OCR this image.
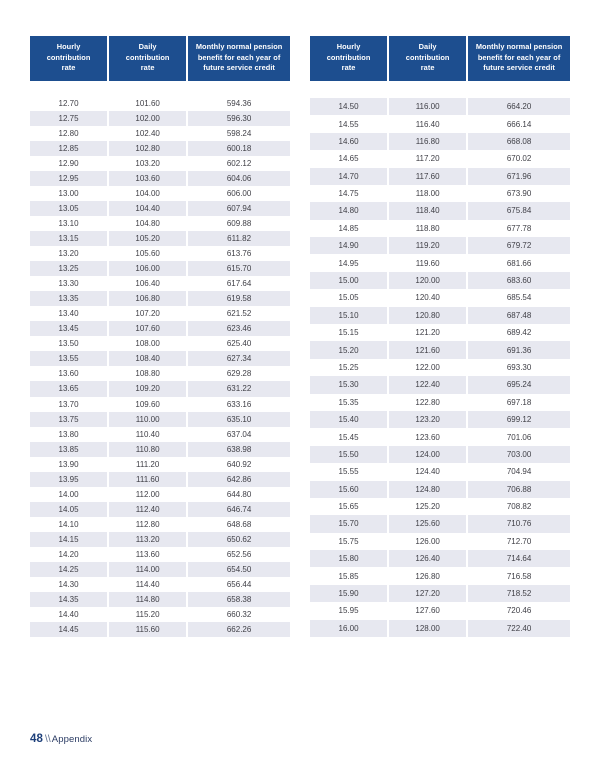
Hourly
contribution
rate	Daily
contribution
rate	Monthly normal pension
benefit for each year of
future service credit

12.70	101.60	594.36
12.75	102.00	596.30
12.80	102.40	598.24
12.85	102.80	600.18
12.90	103.20	602.12
12.95	103.60	604.06
13.00	104.00	606.00
13.05	104.40	607.94
13.10	104.80	609.88
13.15	105.20	611.82
13.20	105.60	613.76
13.25	106.00	615.70
13.30	106.40	617.64
13.35	106.80	619.58
13.40	107.20	621.52
13.45	107.60	623.46
13.50	108.00	625.40
13.55	108.40	627.34
13.60	108.80	629.28
13.65	109.20	631.22
13.70	109.60	633.16
13.75	110.00	635.10
13.80	110.40	637.04
13.85	110.80	638.98
13.90	111.20	640.92
13.95	111.60	642.86
14.00	112.00	644.80
14.05	112.40	646.74
14.10	112.80	648.68
14.15	113.20	650.62
14.20	113.60	652.56
14.25	114.00	654.50
14.30	114.40	656.44
14.35	114.80	658.38
14.40	115.20	660.32
14.45	115.60	662.26
Hourly
contribution
rate	Daily
contribution
rate	Monthly normal pension
benefit for each year of
future service credit

14.50	116.00	664.20
14.55	116.40	666.14
14.60	116.80	668.08
14.65	117.20	670.02
14.70	117.60	671.96
14.75	118.00	673.90
14.80	118.40	675.84
14.85	118.80	677.78
14.90	119.20	679.72
14.95	119.60	681.66
15.00	120.00	683.60
15.05	120.40	685.54
15.10	120.80	687.48
15.15	121.20	689.42
15.20	121.60	691.36
15.25	122.00	693.30
15.30	122.40	695.24
15.35	122.80	697.18
15.40	123.20	699.12
15.45	123.60	701.06
15.50	124.00	703.00
15.55	124.40	704.94
15.60	124.80	706.88
15.65	125.20	708.82
15.70	125.60	710.76
15.75	126.00	712.70
15.80	126.40	714.64
15.85	126.80	716.58
15.90	127.20	718.52
15.95	127.60	720.46
16.00	128.00	722.40
48 \\Appendix
